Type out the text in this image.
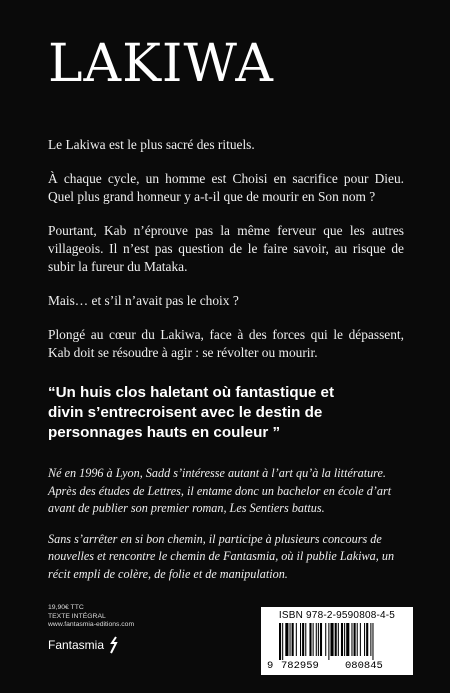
LAKIWA

Le Lakiwa est le plus sacré des rituels.

À chaque cycle, un homme est Choisi en sacrifice pour Dieu. Quel plus grand honneur y a-t-il que de mourir en Son nom ?

Pourtant, Kab n’éprouve pas la même ferveur que les autres villageois. Il n’est pas question de le faire savoir, au risque de subir la fureur du Mataka.

Mais… et s’il n’avait pas le choix ?

Plongé au cœur du Lakiwa, face à des forces qui le dépassent, Kab doit se résoudre à agir : se révolter ou mourir.

“Un huis clos haletant où fantastique et divin s’entrecroisent avec le destin de personnages hauts en couleur ”

Né en 1996 à Lyon, Sadd s’intéresse autant à l’art qu’à la littérature. Après des études de Lettres, il entame donc un bachelor en école d’art avant de publier son premier roman, Les Sentiers battus.

Sans s’arrêter en si bon chemin, il participe à plusieurs concours de nouvelles et rencontre le chemin de Fantasmia, où il publie Lakiwa, un récit empli de colère, de folie et de manipulation.

19,90€ TTC
TEXTE INTÉGRAL
www.fantasmia-editions.com
Fantasmia
ISBN 978-2-9590808-4-5
9 782959 080845
